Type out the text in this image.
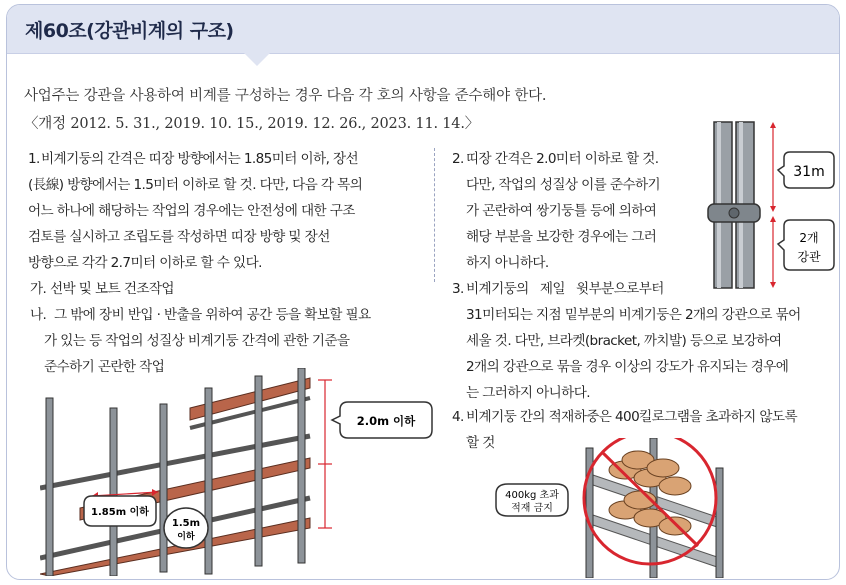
제60조(강관비계의 구조)
사업주는 강관을 사용하여 비계를 구성하는 경우 다음 각 호의 사항을 준수해야 한다.
〈개정 2012. 5. 31., 2019. 10. 15., 2019. 12. 26., 2023. 11. 14.〉
1. 비계기둥의 간격은 띠장 방향에서는 1.85미터 이하, 장선
(長線) 방향에서는 1.5미터 이하로 할 것. 다만, 다음 각 목의
어느 하나에 해당하는 작업의 경우에는 안전성에 대한 구조
검토를 실시하고 조립도를 작성하면 띠장 방향 및 장선
방향으로 각각 2.7미터 이하로 할 수 있다.
가. 선박 및 보트 건조작업
나. 그 밖에 장비 반입 · 반출을 위하여 공간 등을 확보할 필요
가 있는 등 작업의 성질상 비계기둥 간격에 관한 기준을
준수하기 곤란한 작업
2. 띠장 간격은 2.0미터 이하로 할 것.
다만, 작업의 성질상 이를 준수하기
가 곤란하여 쌍기둥틀 등에 의하여
해당 부분을 보강한 경우에는 그러
하지 아니하다.
3. 비계기둥의   제일   윗부분으로부터
31미터되는 지점 밑부분의 비계기둥은 2개의 강관으로 묶어
세울 것. 다만, 브라켓(bracket, 까치발) 등으로 보강하여
2개의 강관으로 묶을 경우 이상의 강도가 유지되는 경우에
는 그러하지 아니하다.
4. 비계기둥 간의 적재하중은 400킬로그램을 초과하지 않도록
할 것
31m
2개
강관
2.0m 이하
1.85m 이하
1.5m
이하
400kg 초과
적재 금지
